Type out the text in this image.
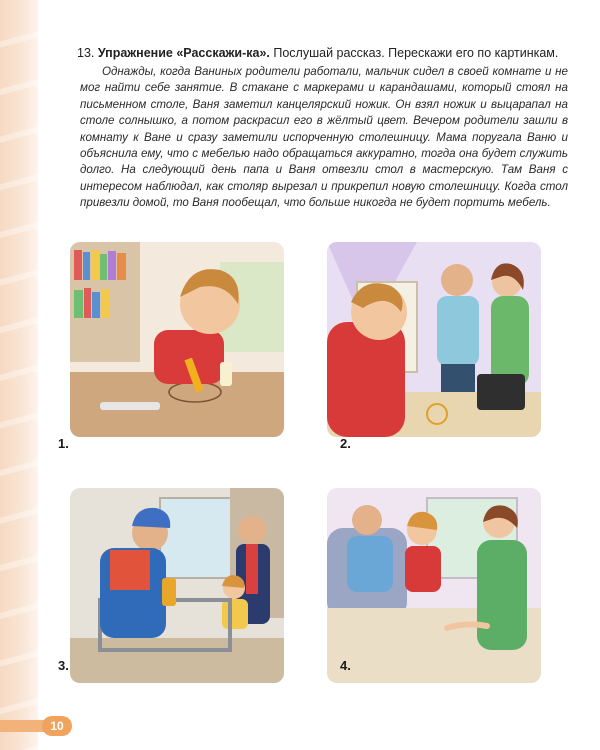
13. Упражнение «Расскажи-ка». Послушай рассказ. Перескажи его по картинкам.
Однажды, когда Ваниных родители работали, мальчик сидел в своей комнате и не мог найти себе занятие. В стакане с маркерами и карандашами, который стоял на письменном столе, Ваня заметил канцелярский ножик. Он взял ножик и выцарапал на столе солнышко, а потом раскрасил его в жёлтый цвет. Вечером родители зашли в комнату к Ване и сразу заметили испорченную столешницу. Мама поругала Ваню и объяснила ему, что с мебелью надо обращаться аккуратно, тогда она будет служить долго. На следующий день папа и Ваня отвезли стол в мастерскую. Там Ваня с интересом наблюдал, как столяр вырезал и прикрепил новую столешницу. Когда стол привезли домой, то Ваня пообещал, что больше никогда не будет портить мебель.
1.	2.
3.	4.
10
